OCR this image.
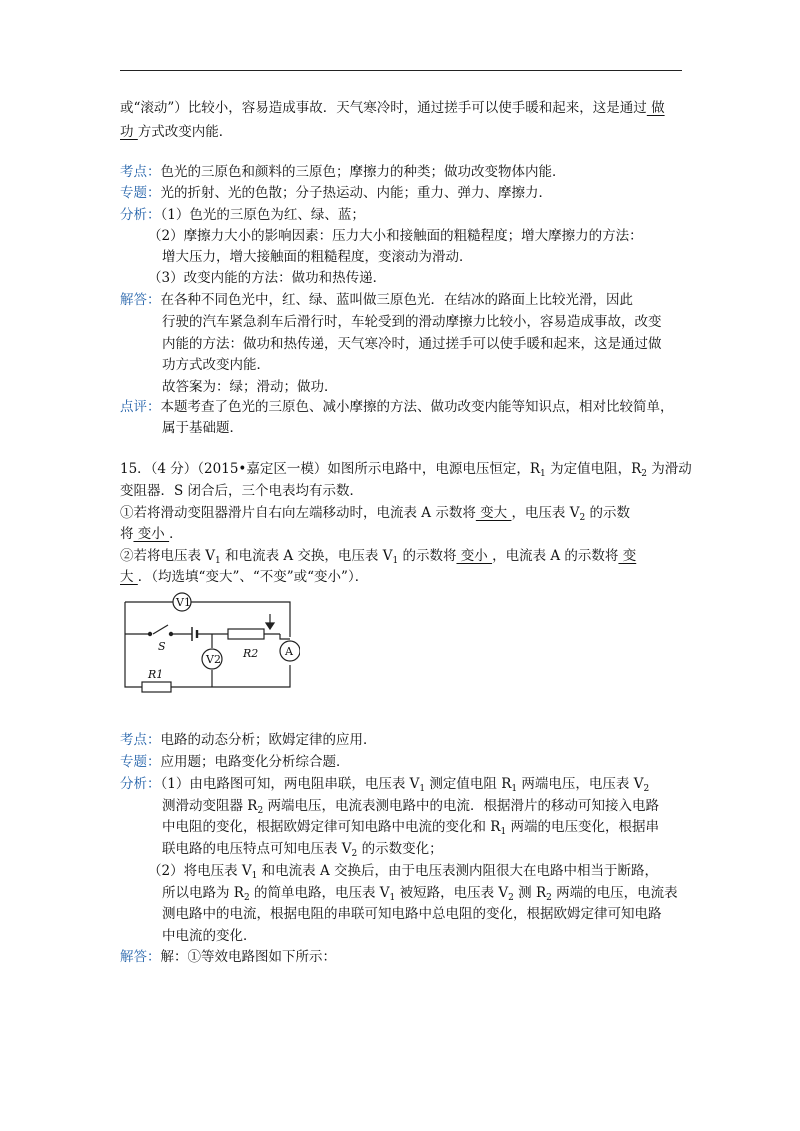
或“滚动”）比较小，容易造成事故．天气寒冷时，通过搓手可以使手暖和起来，这是通过 做
功 方式改变内能．
考点：色光的三原色和颜料的三原色；摩擦力的种类；做功改变物体内能．
专题：光的折射、光的色散；分子热运动、内能；重力、弹力、摩擦力．
分析：（1）色光的三原色为红、绿、蓝；
（2）摩擦力大小的影响因素：压力大小和接触面的粗糙程度；增大摩擦力的方法：
增大压力，增大接触面的粗糙程度，变滚动为滑动．
（3）改变内能的方法：做功和热传递．
解答：在各种不同色光中，红、绿、蓝叫做三原色光．在结冰的路面上比较光滑，因此
行驶的汽车紧急刹车后滑行时，车轮受到的滑动摩擦力比较小，容易造成事故，改变
内能的方法：做功和热传递，天气寒冷时，通过搓手可以使手暖和起来，这是通过做
功方式改变内能．
故答案为：绿；滑动；做功．
点评：本题考查了色光的三原色、减小摩擦的方法、做功改变内能等知识点，相对比较简单，
属于基础题．
15．（4 分）（2015•嘉定区一模）如图所示电路中，电源电压恒定，$R_1$ 为定值电阻，$R_2$ 为滑动
变阻器．S 闭合后，三个电表均有示数．
①若将滑动变阻器滑片自右向左端移动时，电流表 A 示数将 变大 ，电压表 $V_2$ 的示数
将 变小 ．
②若将电压表 $V_1$ 和电流表 A 交换，电压表 $V_1$ 的示数将 变小 ，电流表 A 的示数将 变
大 ．（均选填“变大”、“不变”或“变小”）．
V1
V2
A
S
R2
R1
考点：电路的动态分析；欧姆定律的应用．
专题：应用题；电路变化分析综合题．
分析：（1）由电路图可知，两电阻串联，电压表 $V_1$ 测定值电阻 $R_1$ 两端电压，电压表 $V_2$
测滑动变阻器 $R_2$ 两端电压，电流表测电路中的电流．根据滑片的移动可知接入电路
中电阻的变化，根据欧姆定律可知电路中电流的变化和 $R_1$ 两端的电压变化，根据串
联电路的电压特点可知电压表 $V_2$ 的示数变化；
（2）将电压表 $V_1$ 和电流表 A 交换后，由于电压表测内阻很大在电路中相当于断路，
所以电路为 $R_2$ 的简单电路，电压表 $V_1$ 被短路，电压表 $V_2$ 测 $R_2$ 两端的电压，电流表
测电路中的电流，根据电阻的串联可知电路中总电阻的变化，根据欧姆定律可知电路
中电流的变化．
解答：解：①等效电路图如下所示：
